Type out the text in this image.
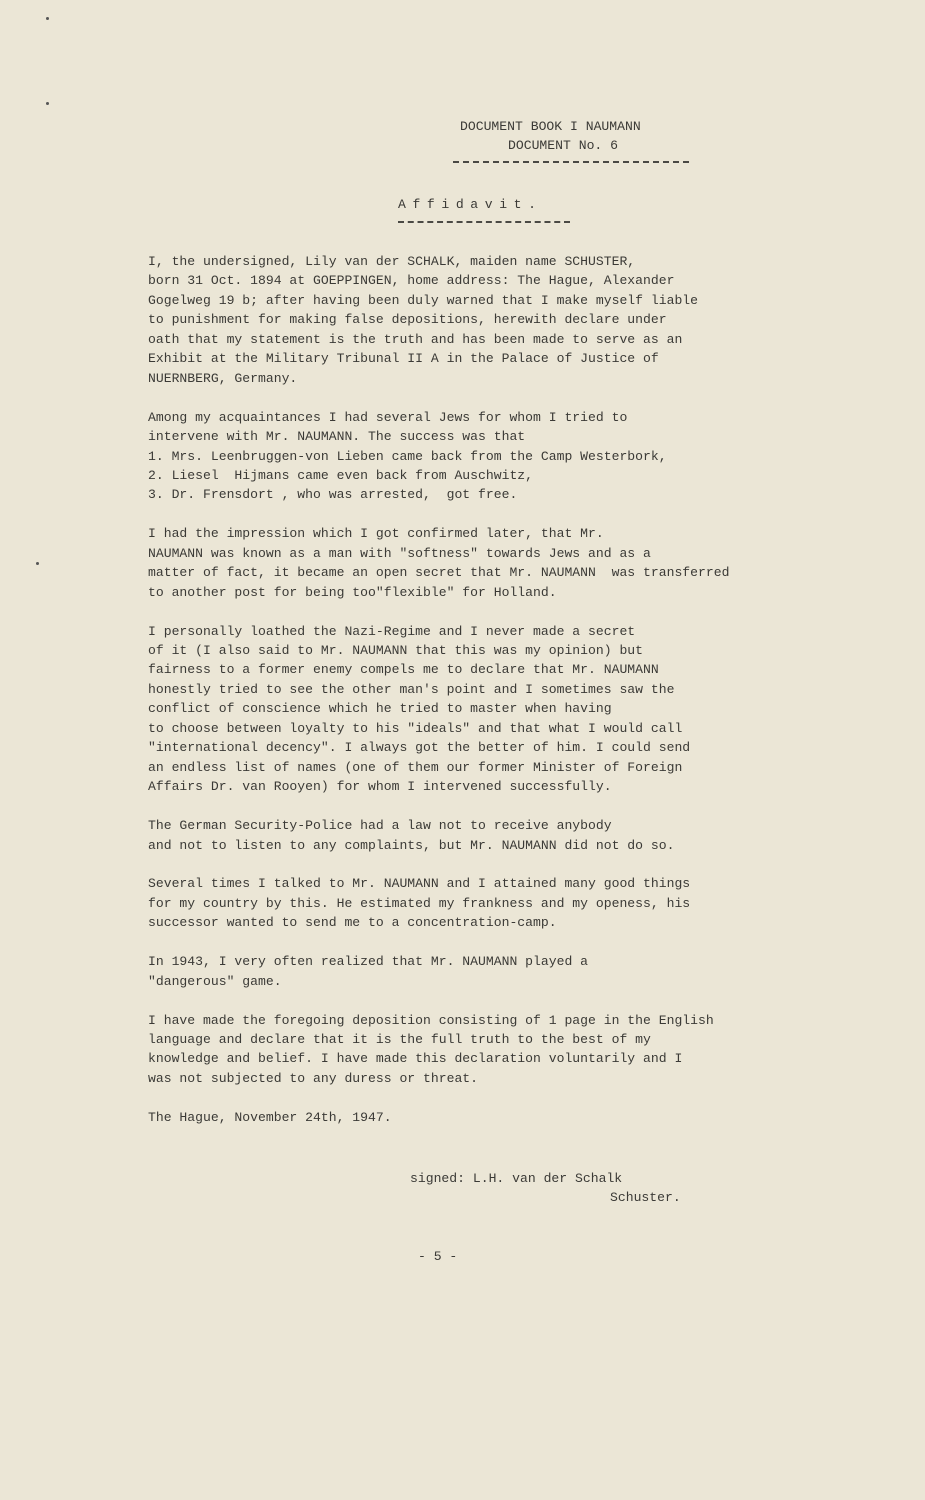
DOCUMENT BOOK I NAUMANN
DOCUMENT No. 6
Affidavit.
I, the undersigned, Lily van der SCHALK, maiden name SCHUSTER,
born 31 Oct. 1894 at GOEPPINGEN, home address: The Hague, Alexander
Gogelweg 19 b; after having been duly warned that I make myself liable
to punishment for making false depositions, herewith declare under
oath that my statement is the truth and has been made to serve as an
Exhibit at the Military Tribunal II A in the Palace of Justice of
NUERNBERG, Germany.
Among my acquaintances I had several Jews for whom I tried to
intervene with Mr. NAUMANN. The success was that
1. Mrs. Leenbruggen-von Lieben came back from the Camp Westerbork,
2. Liesel  Hijmans came even back from Auschwitz,
3. Dr. Frensdort , who was arrested,  got free.
I had the impression which I got confirmed later, that Mr.
NAUMANN was known as a man with "softness" towards Jews and as a
matter of fact, it became an open secret that Mr. NAUMANN  was transferred
to another post for being too"flexible" for Holland.
I personally loathed the Nazi-Regime and I never made a secret
of it (I also said to Mr. NAUMANN that this was my opinion) but
fairness to a former enemy compels me to declare that Mr. NAUMANN
honestly tried to see the other man's point and I sometimes saw the
conflict of conscience which he tried to master when having
to choose between loyalty to his "ideals" and that what I would call
"international decency". I always got the better of him. I could send
an endless list of names (one of them our former Minister of Foreign
Affairs Dr. van Rooyen) for whom I intervened successfully.
The German Security-Police had a law not to receive anybody
and not to listen to any complaints, but Mr. NAUMANN did not do so.
Several times I talked to Mr. NAUMANN and I attained many good things
for my country by this. He estimated my frankness and my openess, his
successor wanted to send me to a concentration-camp.
In 1943, I very often realized that Mr. NAUMANN played a
"dangerous" game.
I have made the foregoing deposition consisting of 1 page in the English
language and declare that it is the full truth to the best of my
knowledge and belief. I have made this declaration voluntarily and I
was not subjected to any duress or threat.
The Hague, November 24th, 1947.
signed: L.H. van der Schalk
Schuster.
- 5 -
